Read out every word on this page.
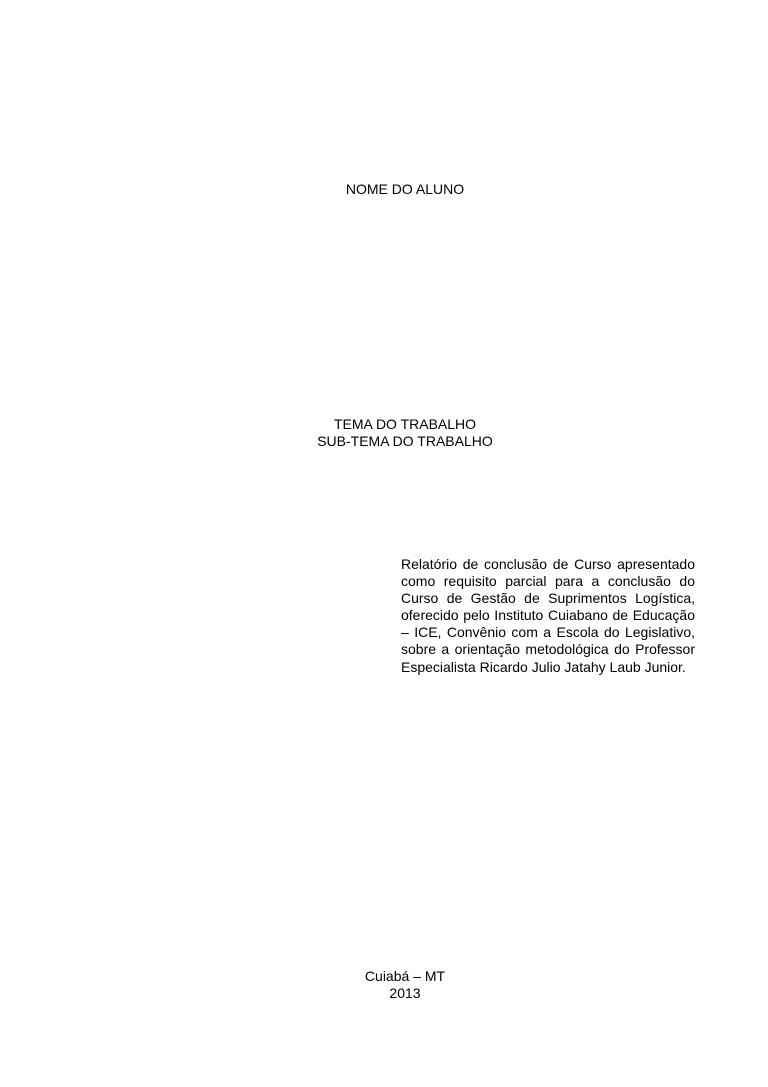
NOME DO ALUNO
TEMA DO TRABALHO
SUB-TEMA DO TRABALHO
Relatório de conclusão de Curso apresentado como requisito parcial para a conclusão do Curso de Gestão de Suprimentos Logística, oferecido pelo Instituto Cuiabano de Educação – ICE, Convênio com a Escola do Legislativo, sobre a orientação metodológica do Professor Especialista Ricardo Julio Jatahy Laub Junior.
Cuiabá – MT
2013
